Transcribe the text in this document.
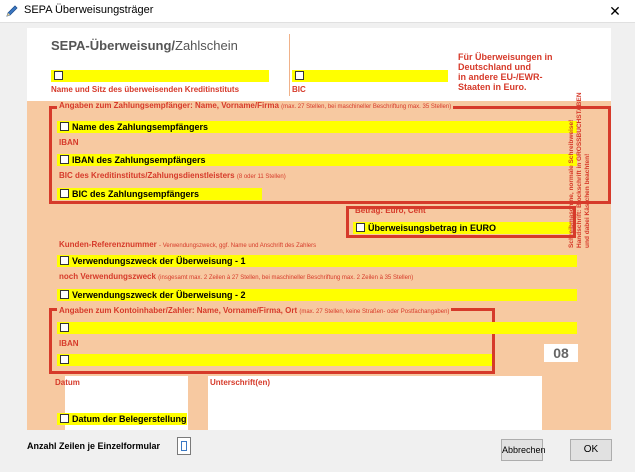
SEPA Überweisungsträger	✕
SEPA-Überweisung/Zahlschein
Für Überweisungen in
Deutschland und
in andere EU-/EWR-
Staaten in Euro.
Name und Sitz des überweisenden Kreditinstituts	BIC
Angaben zum Zahlungsempfänger: Name, Vorname/Firma (max. 27 Stellen, bei maschineller Beschriftung max. 35 Stellen)
Name des Zahlungsempfängers
IBAN
IBAN des Zahlungsempfängers
BIC des Kreditinstituts/Zahlungsdienstleisters (8 oder 11 Stellen)
BIC des Zahlungsempfängers
Betrag: Euro, Cent
Überweisungsbetrag in EURO
Kunden-Referenznummer - Verwendungszweck, ggf. Name und Anschrift des Zahlers
Verwendungszweck der Überweisung - 1
noch Verwendungszweck (insgesamt max. 2 Zeilen à 27 Stellen, bei maschineller Beschriftung max. 2 Zeilen à 35 Stellen)
Verwendungszweck der Überweisung - 2
Angaben zum Kontoinhaber/Zahler: Name, Vorname/Firma, Ort (max. 27 Stellen, keine Straßen- oder Postfachangaben)
IBAN
08
Datum	Unterschrift(en)
Datum der Belegerstellung
Schreibmaschine, normale Schreibweise! Handschrift: Blockschrift in GROSSBUCHSTABEN und dabei Kästchen beachten!
Anzahl Zeilen je Einzelformular	Abbrechen	OK
